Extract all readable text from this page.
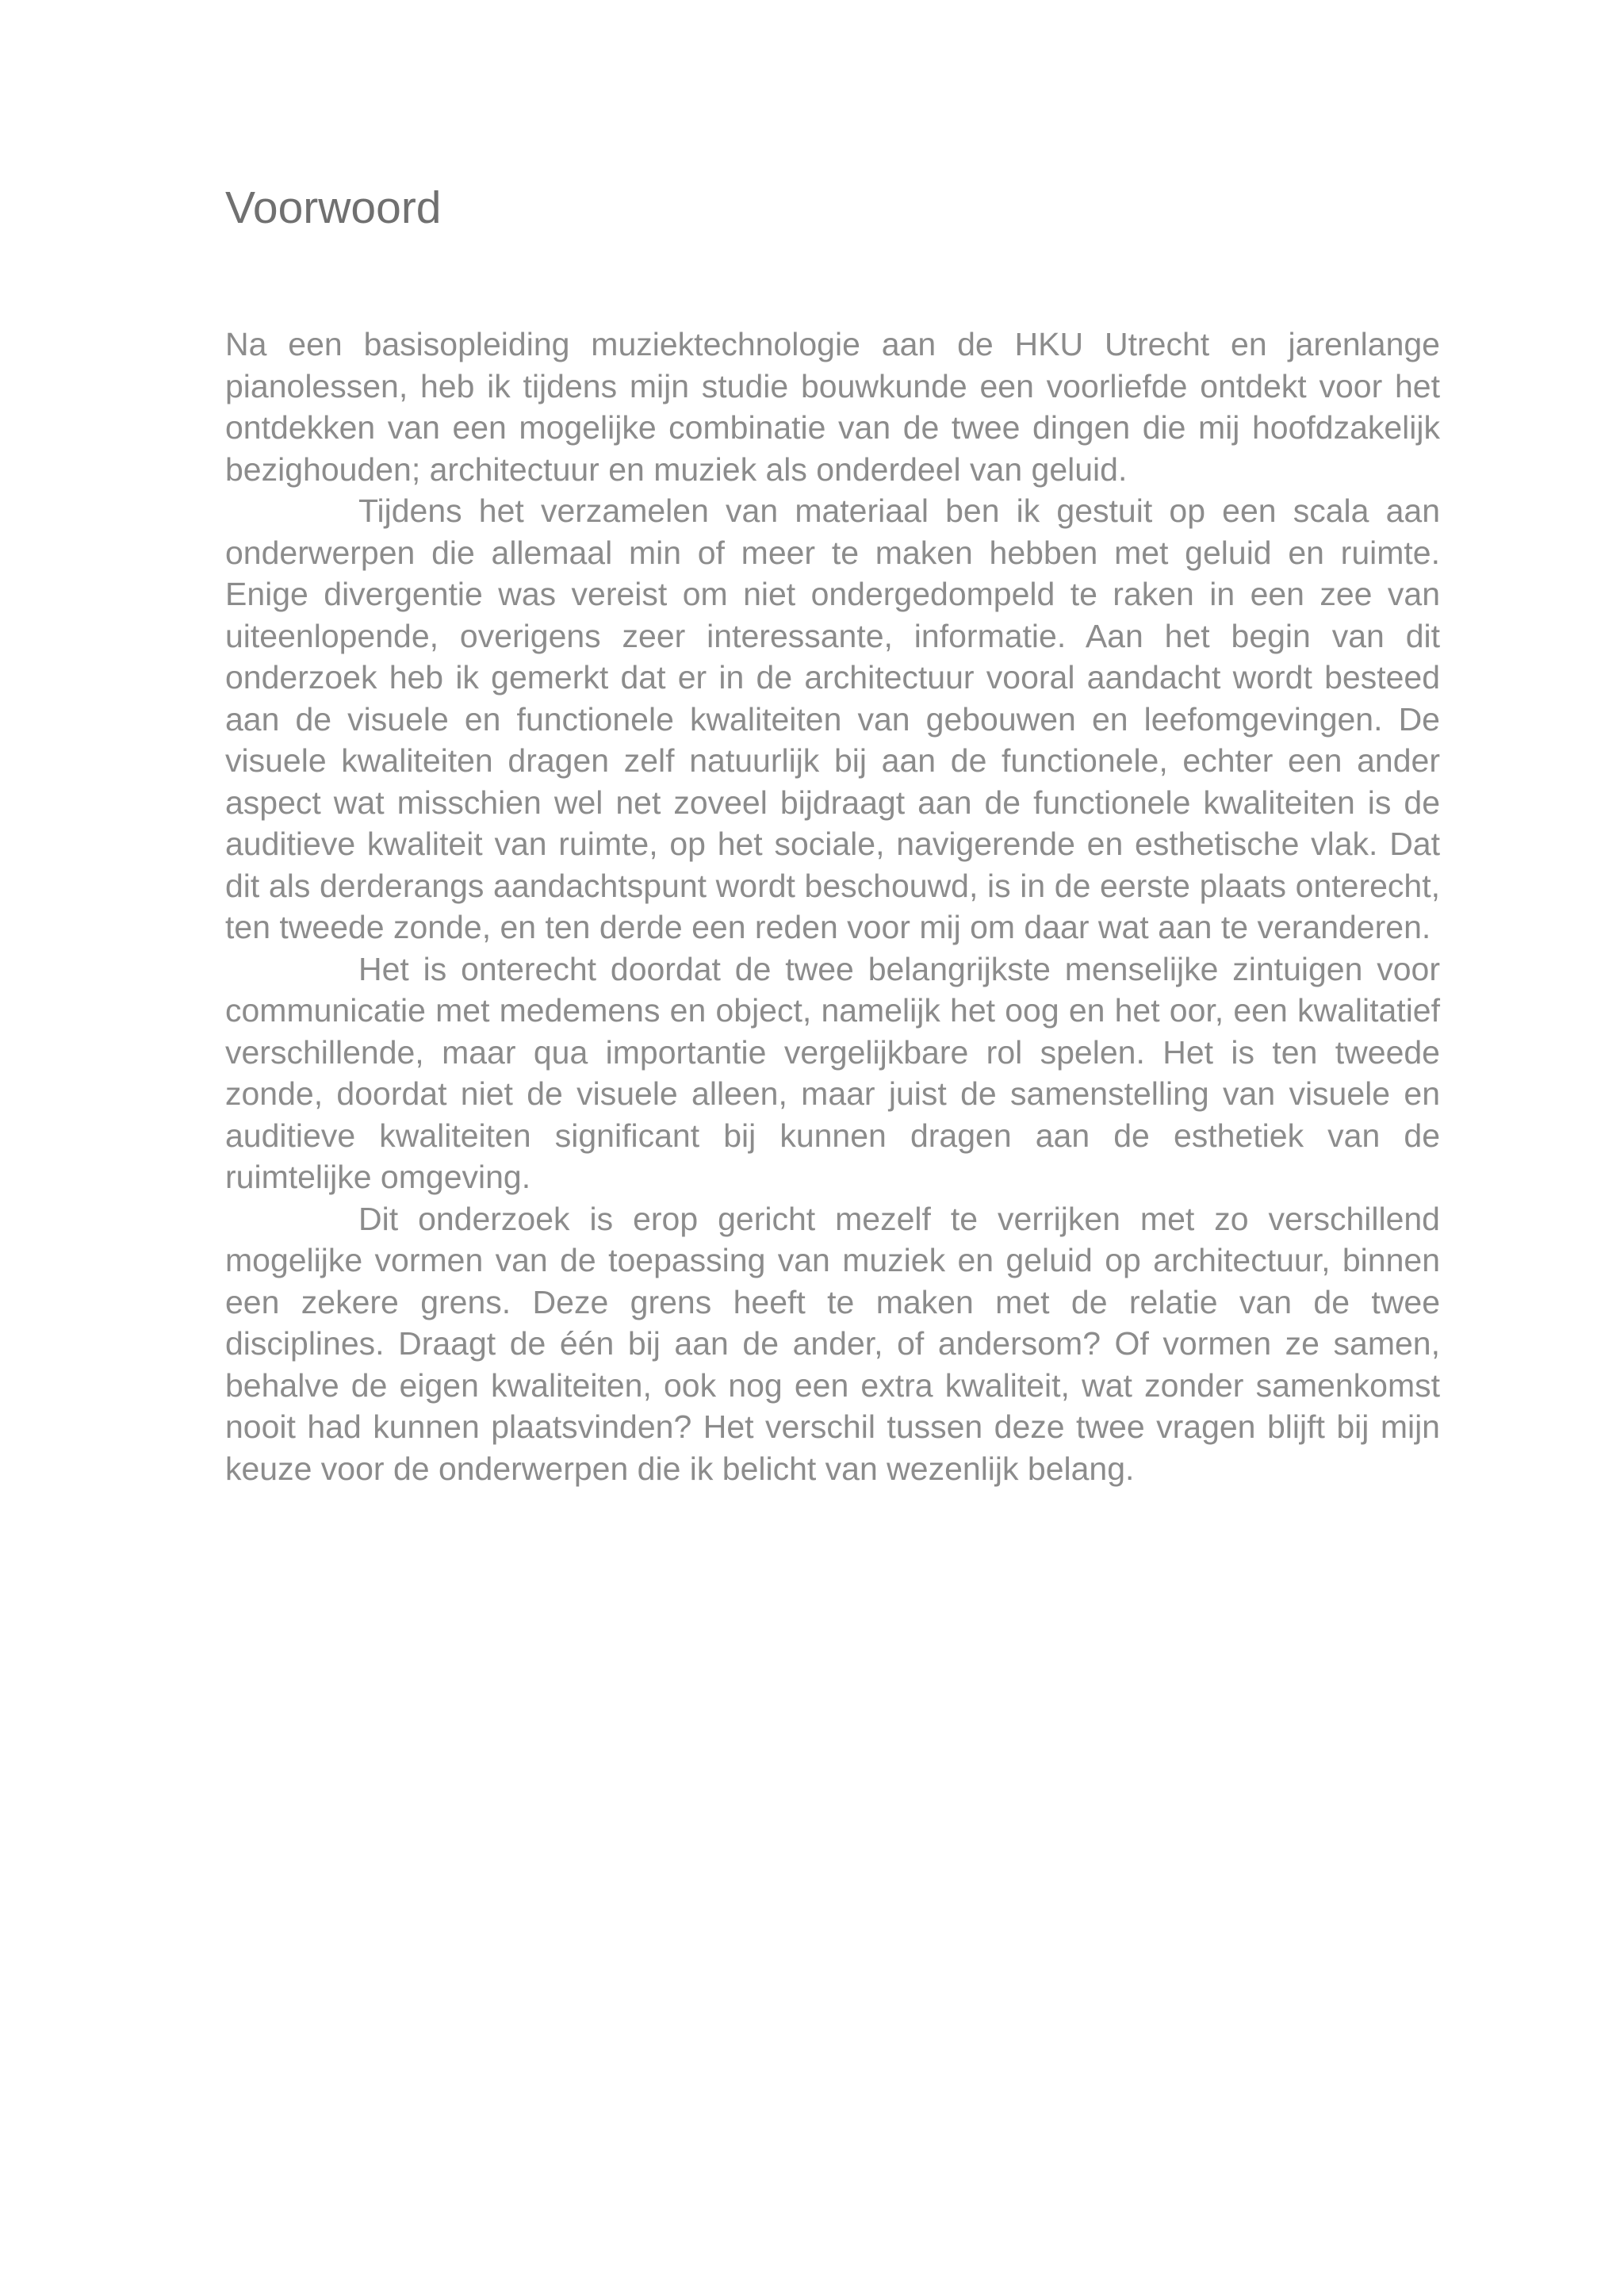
Voorwoord

Na een basisopleiding muziektechnologie aan de HKU Utrecht en jarenlange pianolessen, heb ik tijdens mijn studie bouwkunde een voorliefde ontdekt voor het ontdekken van een mogelijke combinatie van de twee dingen die mij hoofdzakelijk bezighouden; architectuur en muziek als onderdeel van geluid.

Tijdens het verzamelen van materiaal ben ik gestuit op een scala aan onderwerpen die allemaal min of meer te maken hebben met geluid en ruimte. Enige divergentie was vereist om niet ondergedompeld te raken in een zee van uiteenlopende, overigens zeer interessante, informatie. Aan het begin van dit onderzoek heb ik gemerkt dat er in de architectuur vooral aandacht wordt besteed aan de visuele en functionele kwaliteiten van gebouwen en leefomgevingen. De visuele kwaliteiten dragen zelf natuurlijk bij aan de functionele, echter een ander aspect wat misschien wel net zoveel bijdraagt aan de functionele kwaliteiten is de auditieve kwaliteit van ruimte, op het sociale, navigerende en esthetische vlak. Dat dit als derderangs aandachtspunt wordt beschouwd, is in de eerste plaats onterecht, ten tweede zonde, en ten derde een reden voor mij om daar wat aan te veranderen.

Het is onterecht doordat de twee belangrijkste menselijke zintuigen voor communicatie met medemens en object, namelijk het oog en het oor, een kwalitatief verschillende, maar qua importantie vergelijkbare rol spelen. Het is ten tweede zonde, doordat niet de visuele alleen, maar juist de samenstelling van visuele en auditieve kwaliteiten significant bij kunnen dragen aan de esthetiek van de ruimtelijke omgeving.

Dit onderzoek is erop gericht mezelf te verrijken met zo verschillend mogelijke vormen van de toepassing van muziek en geluid op architectuur, binnen een zekere grens. Deze grens heeft te maken met de relatie van de twee disciplines. Draagt de één bij aan de ander, of andersom? Of vormen ze samen, behalve de eigen kwaliteiten, ook nog een extra kwaliteit, wat zonder samenkomst nooit had kunnen plaatsvinden? Het verschil tussen deze twee vragen blijft bij mijn keuze voor de onderwerpen die ik belicht van wezenlijk belang.
